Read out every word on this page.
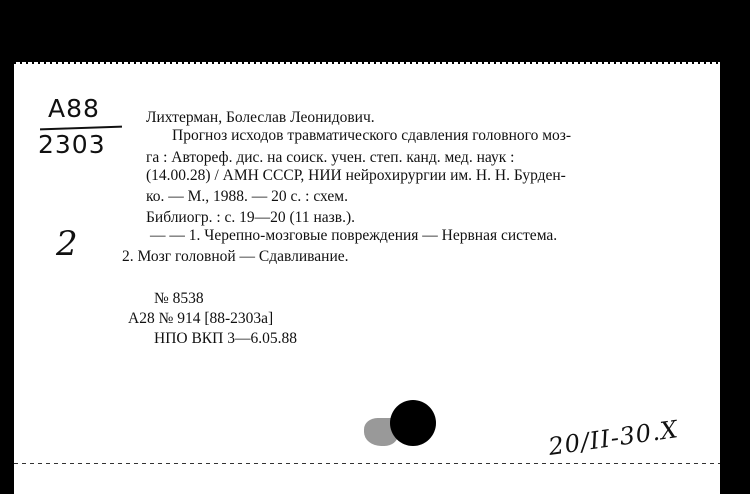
A88
2303
2
Лихтерман, Болеслав Леонидович.
Прогноз исходов травматического сдавления головного моз-
га : Автореф. дис. на соиск. учен. степ. канд. мед. наук :
(14.00.28) / АМН СССР, НИИ нейрохирургии им. Н. Н. Бурден-
ко. — М., 1988. — 20 с. : схем.
Библиогр. : с. 19—20 (11 назв.).
— — 1. Черепно-мозговые повреждения — Нервная система.
2. Мозг головной — Сдавливание.
№ 8538
А28 № 914 [88-2303а]
НПО ВКП 3—6.05.88
20/II-30.X
